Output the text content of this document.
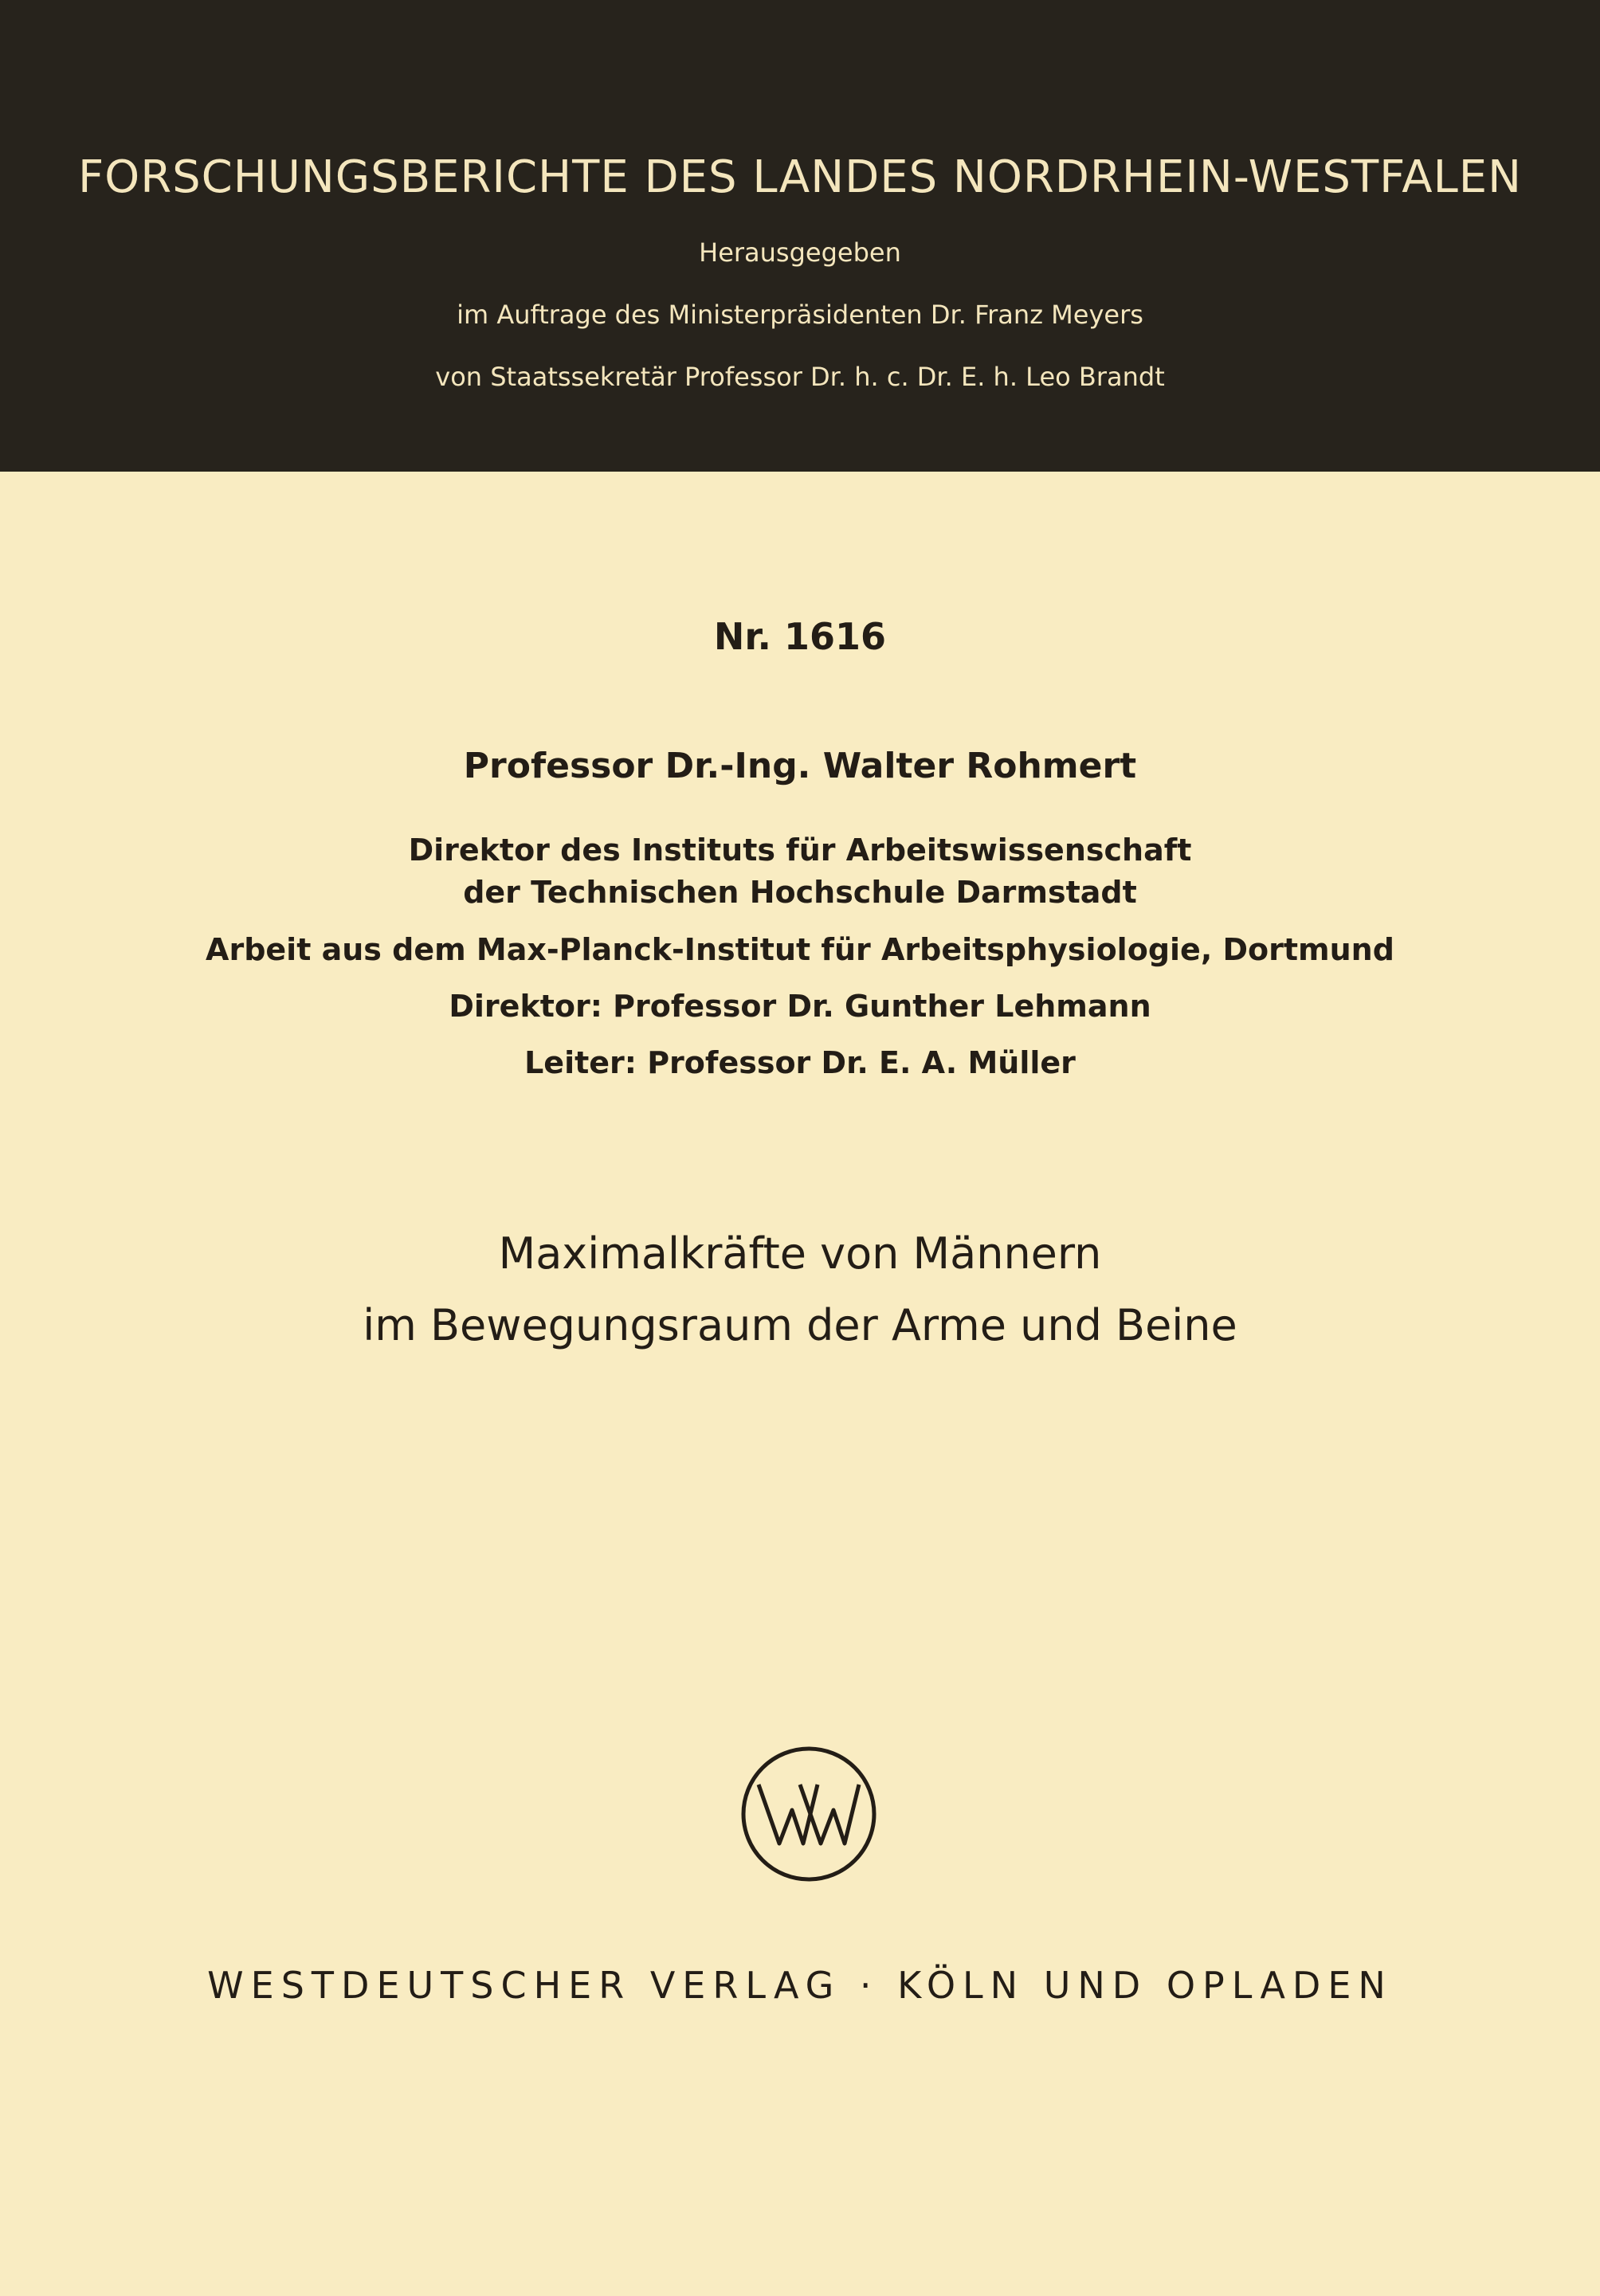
FORSCHUNGSBERICHTE DES LANDES NORDRHEIN-WESTFALEN
Herausgegeben
im Auftrage des Ministerpräsidenten Dr. Franz Meyers
von Staatssekretär Professor Dr. h. c. Dr. E. h. Leo Brandt
Nr. 1616
Professor Dr.-Ing. Walter Rohmert
Direktor des Instituts für Arbeitswissenschaft
der Technischen Hochschule Darmstadt
Arbeit aus dem Max-Planck-Institut für Arbeitsphysiologie, Dortmund
Direktor: Professor Dr. Gunther Lehmann
Leiter: Professor Dr. E. A. Müller
Maximalkräfte von Männern
im Bewegungsraum der Arme und Beine
WESTDEUTSCHER VERLAG · KÖLN UND OPLADEN
